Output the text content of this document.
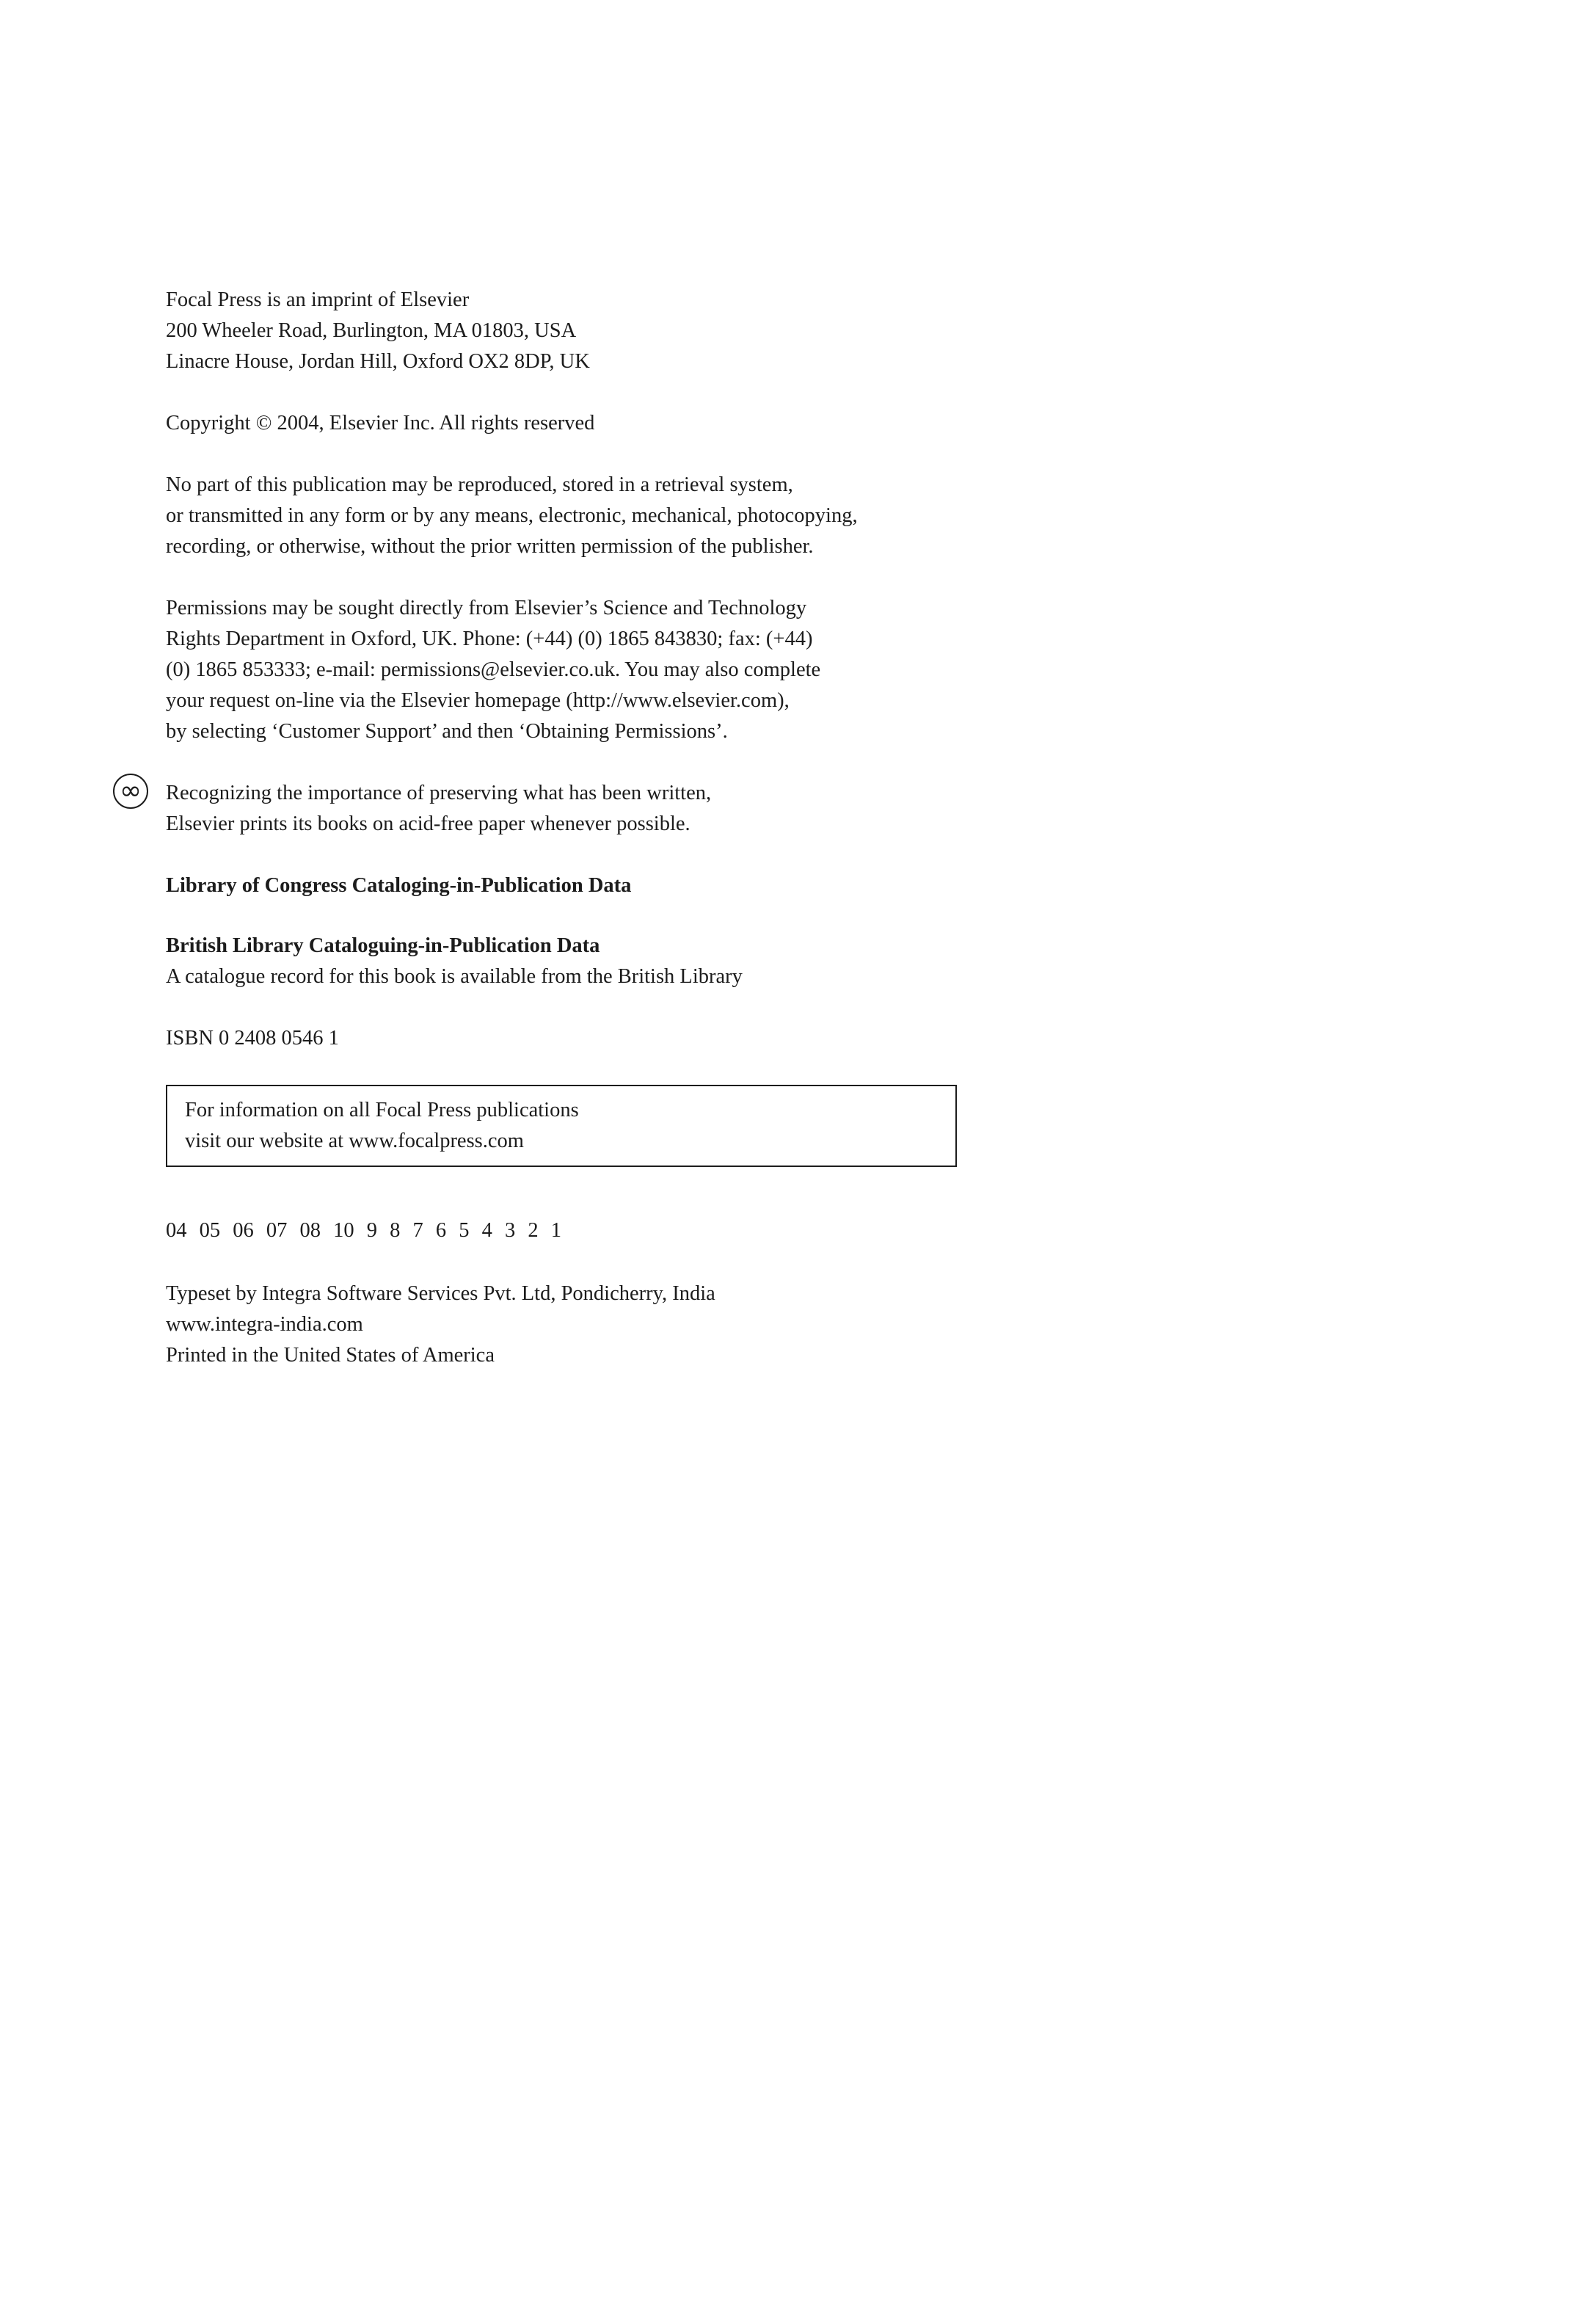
Focal Press is an imprint of Elsevier
200 Wheeler Road, Burlington, MA 01803, USA
Linacre House, Jordan Hill, Oxford OX2 8DP, UK
Copyright © 2004, Elsevier Inc. All rights reserved
No part of this publication may be reproduced, stored in a retrieval system,
or transmitted in any form or by any means, electronic, mechanical, photocopying,
recording, or otherwise, without the prior written permission of the publisher.
Permissions may be sought directly from Elsevier’s Science and Technology
Rights Department in Oxford, UK. Phone: (+44) (0) 1865 843830; fax: (+44)
(0) 1865 853333; e-mail: permissions@elsevier.co.uk. You may also complete
your request on-line via the Elsevier homepage (http://www.elsevier.com),
by selecting ‘Customer Support’ and then ‘Obtaining Permissions’.
∞	Recognizing the importance of preserving what has been written,
Elsevier prints its books on acid-free paper whenever possible.
Library of Congress Cataloging-in-Publication Data
British Library Cataloguing-in-Publication Data
A catalogue record for this book is available from the British Library
ISBN 0 2408 0546 1
For information on all Focal Press publications
visit our website at www.focalpress.com
04 05 06 07 08 10 9 8 7 6 5 4 3 2 1
Typeset by Integra Software Services Pvt. Ltd, Pondicherry, India
www.integra-india.com
Printed in the United States of America
